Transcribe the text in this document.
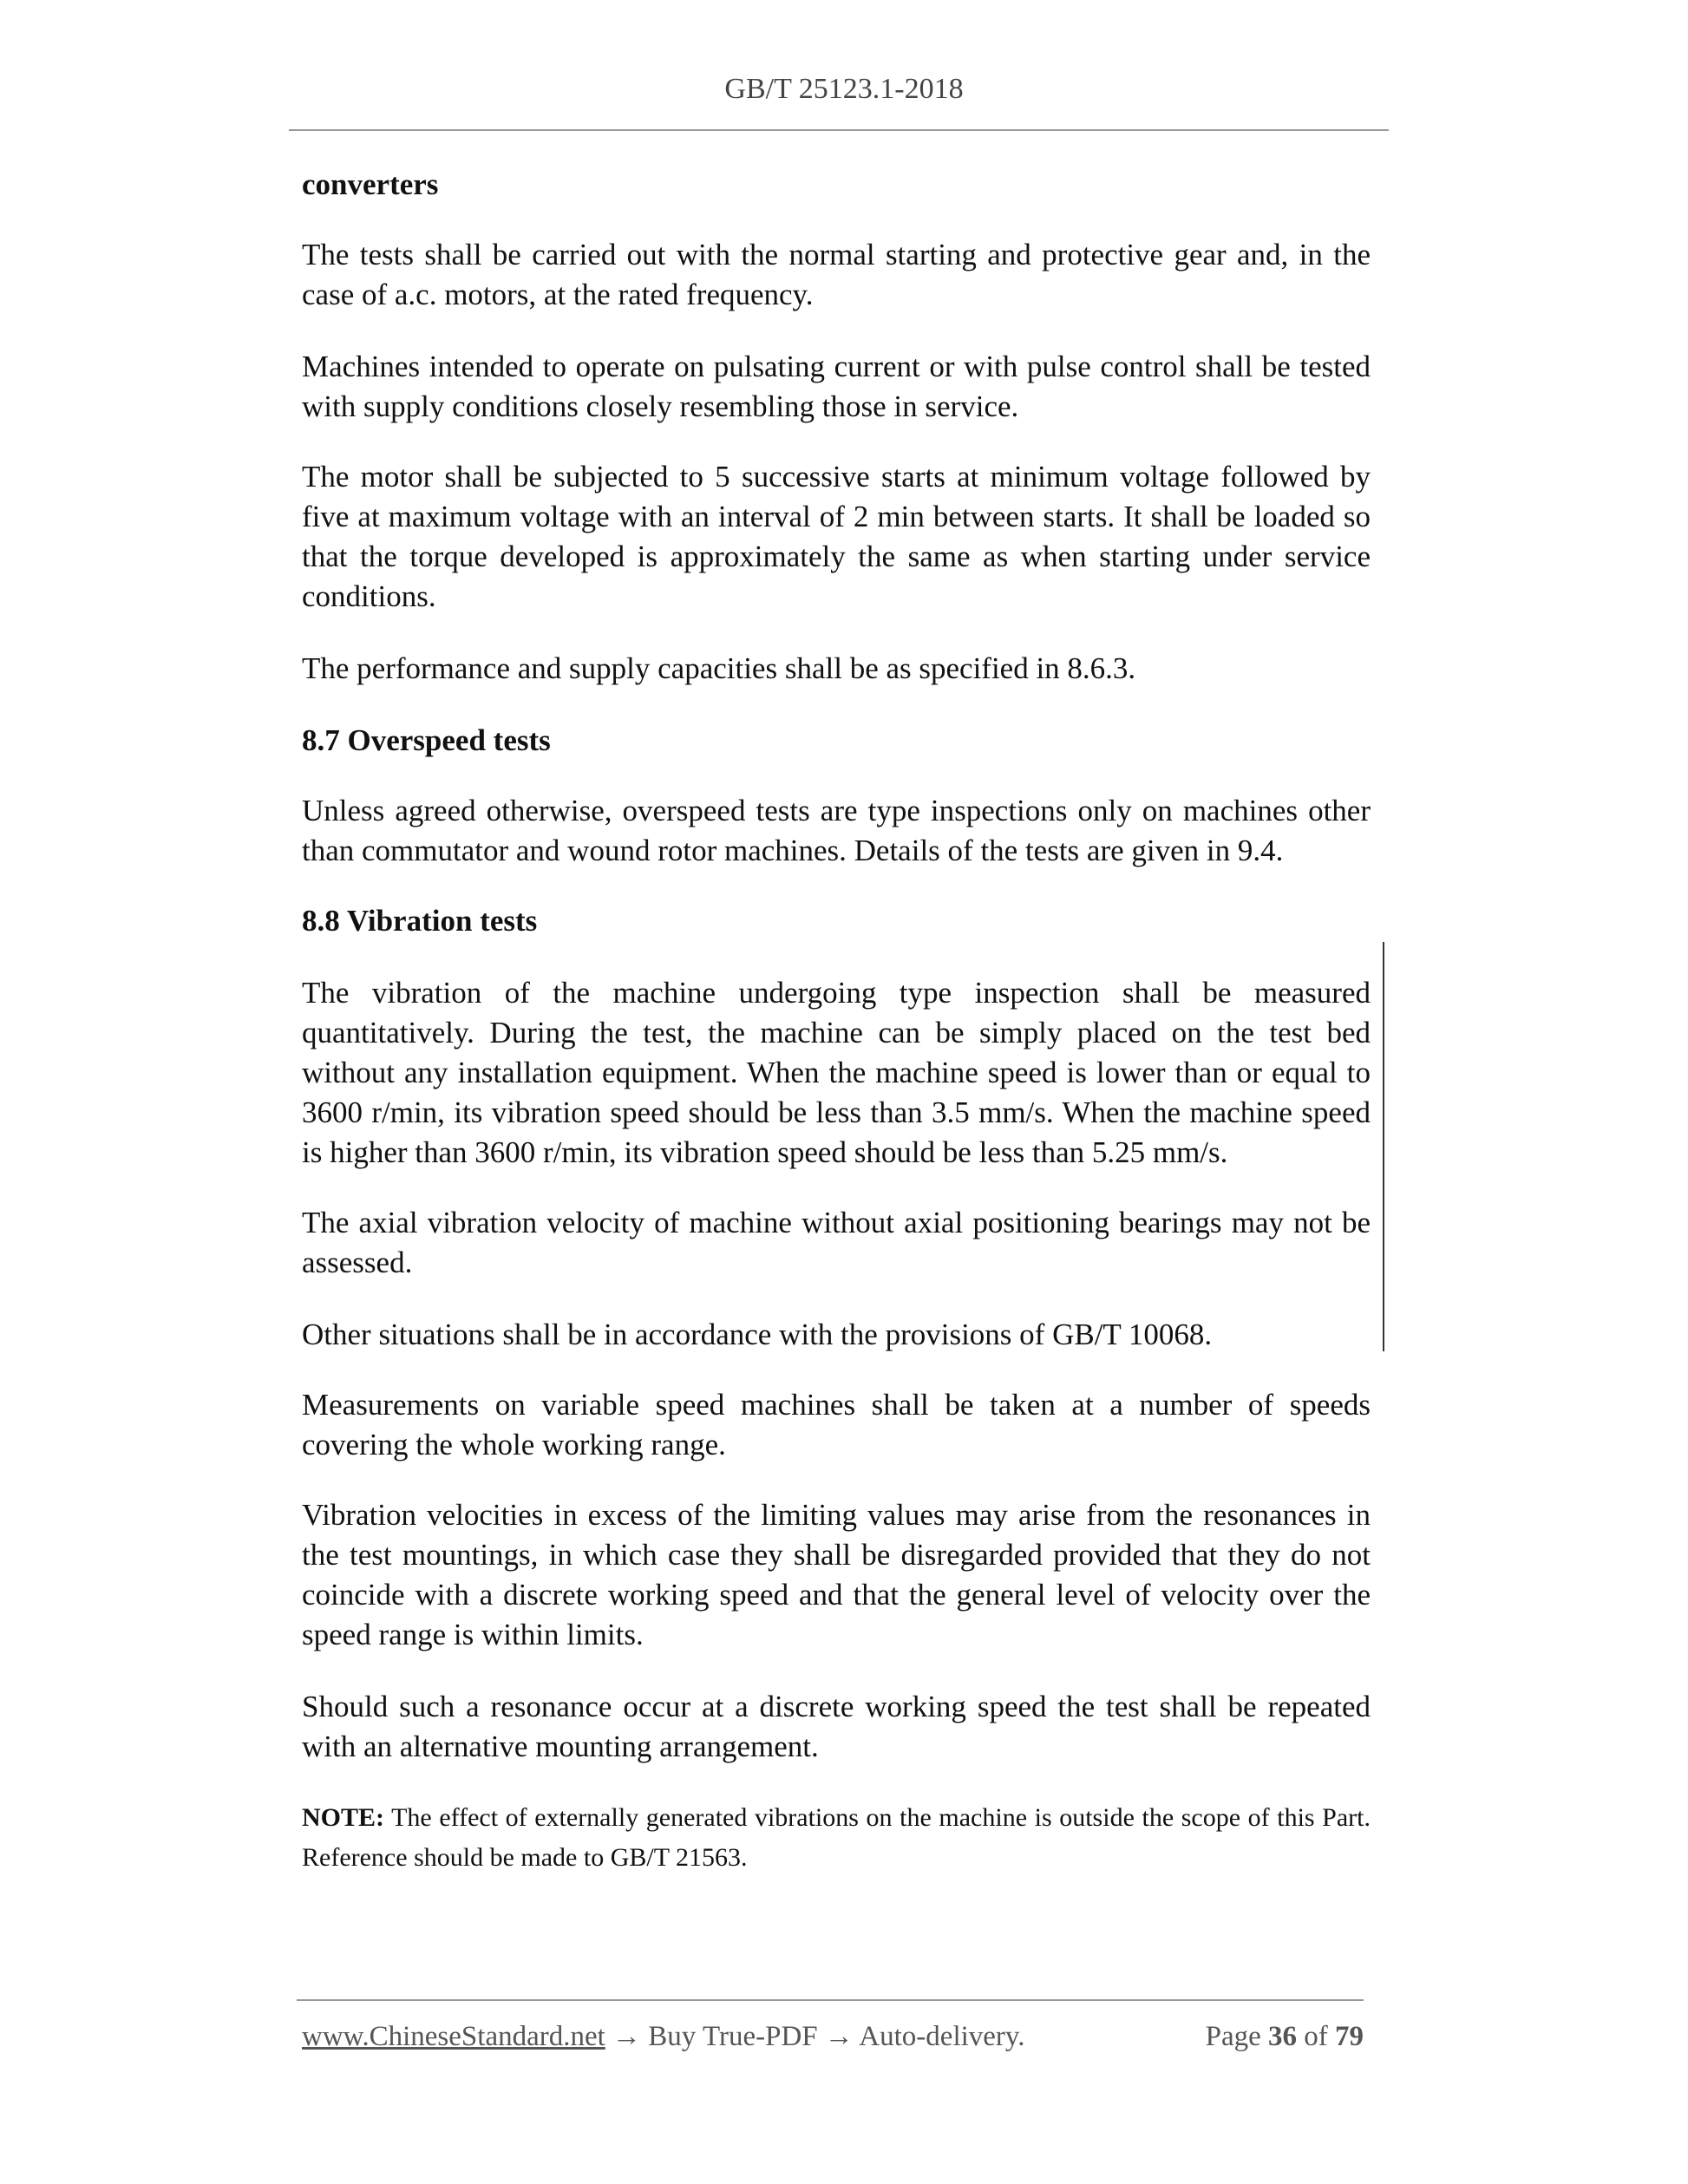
GB/T 25123.1-2018

converters

The tests shall be carried out with the normal starting and protective gear and, in the case of a.c. motors, at the rated frequency.

Machines intended to operate on pulsating current or with pulse control shall be tested with supply conditions closely resembling those in service.

The motor shall be subjected to 5 successive starts at minimum voltage followed by five at maximum voltage with an interval of 2 min between starts. It shall be loaded so that the torque developed is approximately the same as when starting under service conditions.

The performance and supply capacities shall be as specified in 8.6.3.

8.7 Overspeed tests

Unless agreed otherwise, overspeed tests are type inspections only on machines other than commutator and wound rotor machines. Details of the tests are given in 9.4.

8.8 Vibration tests

The vibration of the machine undergoing type inspection shall be measured quantitatively. During the test, the machine can be simply placed on the test bed without any installation equipment. When the machine speed is lower than or equal to 3600 r/min, its vibration speed should be less than 3.5 mm/s. When the machine speed is higher than 3600 r/min, its vibration speed should be less than 5.25 mm/s.

The axial vibration velocity of machine without axial positioning bearings may not be assessed.

Other situations shall be in accordance with the provisions of GB/T 10068.

Measurements on variable speed machines shall be taken at a number of speeds covering the whole working range.

Vibration velocities in excess of the limiting values may arise from the resonances in the test mountings, in which case they shall be disregarded provided that they do not coincide with a discrete working speed and that the general level of velocity over the speed range is within limits.

Should such a resonance occur at a discrete working speed the test shall be repeated with an alternative mounting arrangement.

NOTE: The effect of externally generated vibrations on the machine is outside the scope of this Part. Reference should be made to GB/T 21563.

www.ChineseStandard.net → Buy True-PDF → Auto-delivery.	Page 36 of 79
